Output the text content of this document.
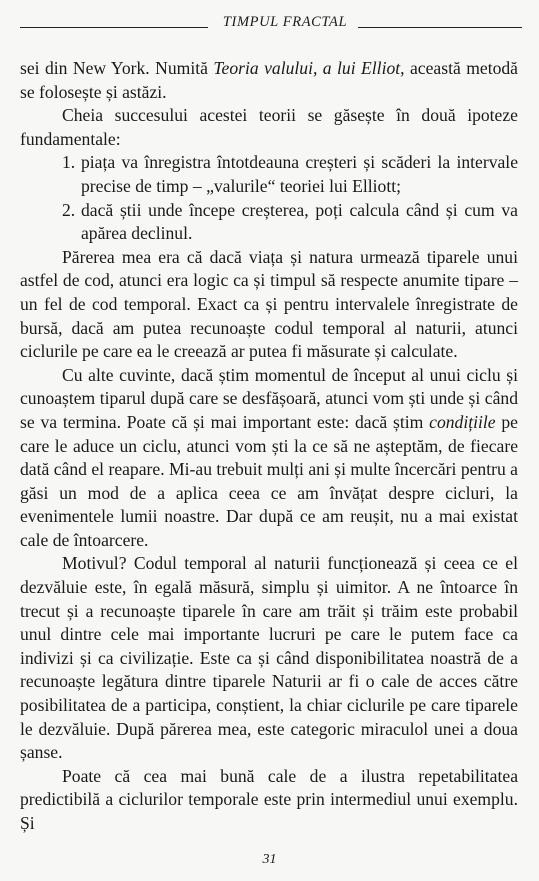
TIMPUL FRACTAL

sei din New York. Numită Teoria valului, a lui Elliot, această metodă se folosește și astăzi.

Cheia succesului acestei teorii se găsește în două ipoteze fundamentale:

1. piața va înregistra întotdeauna creșteri și scăderi la intervale precise de timp – „valurile“ teoriei lui Elliott;
2. dacă știi unde începe creșterea, poți calcula când și cum va apărea declinul.

Părerea mea era că dacă viața și natura urmează tiparele unui astfel de cod, atunci era logic ca și timpul să respecte anumite tipare – un fel de cod temporal. Exact ca și pentru intervalele înregistrate de bursă, dacă am putea recunoaște codul temporal al naturii, atunci ciclurile pe care ea le creează ar putea fi măsurate și calculate.

Cu alte cuvinte, dacă știm momentul de început al unui ciclu și cunoaștem tiparul după care se desfășoară, atunci vom ști unde și când se va termina. Poate că și mai important este: dacă știm condițiile pe care le aduce un ciclu, atunci vom ști la ce să ne așteptăm, de fiecare dată când el reapare. Mi-au trebuit mulți ani și multe încercări pentru a găsi un mod de a aplica ceea ce am învățat despre cicluri, la evenimentele lumii noastre. Dar după ce am reușit, nu a mai existat cale de întoarcere.

Motivul? Codul temporal al naturii funcționează și ceea ce el dezvăluie este, în egală măsură, simplu și uimitor. A ne întoarce în trecut și a recunoaște tiparele în care am trăit și trăim este probabil unul dintre cele mai importante lucruri pe care le putem face ca indivizi și ca civilizație. Este ca și când disponibilitatea noastră de a recunoaște legătura dintre tiparele Naturii ar fi o cale de acces către posibilitatea de a participa, conștient, la chiar ciclurile pe care tiparele le dezvăluie. După părerea mea, este categoric miraculol unei a doua șanse.

Poate că cea mai bună cale de a ilustra repetabilitatea predictibilă a ciclurilor temporale este prin intermediul unui exemplu. Și

31
